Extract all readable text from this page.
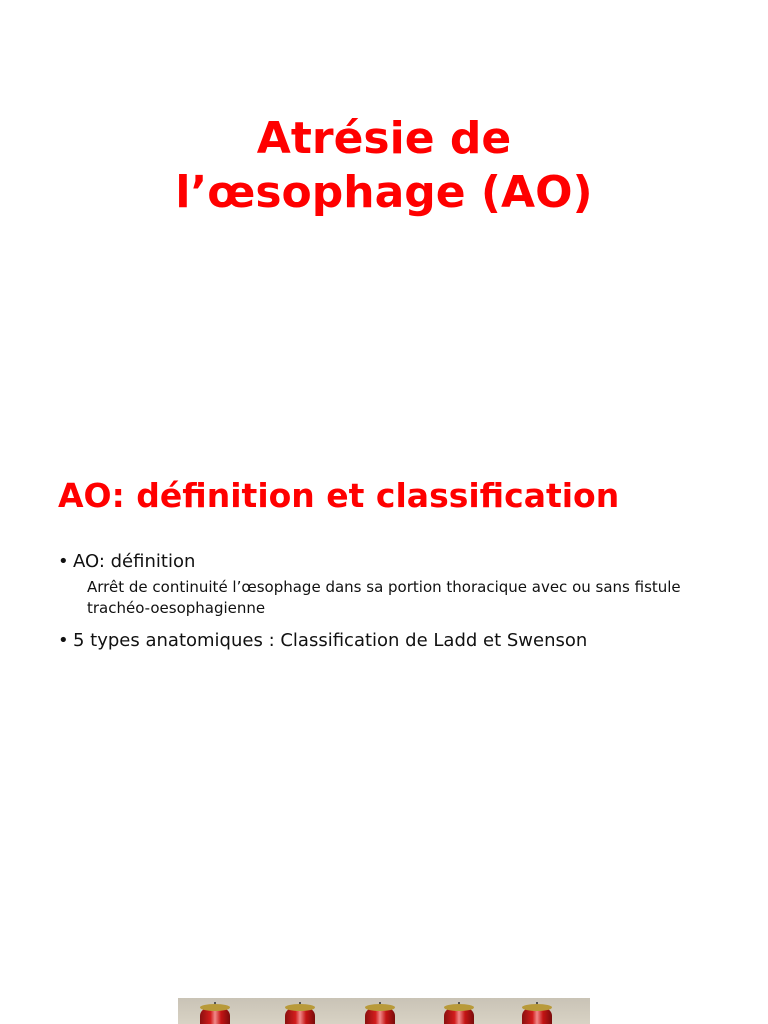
Atrésie de
l’œsophage (AO)
AO: définition et classification
• AO: définition
Arrêt de continuité l’œsophage dans sa portion thoracique avec ou sans fistule
trachéo-oesophagienne
• 5 types anatomiques : Classification de Ladd et Swenson
